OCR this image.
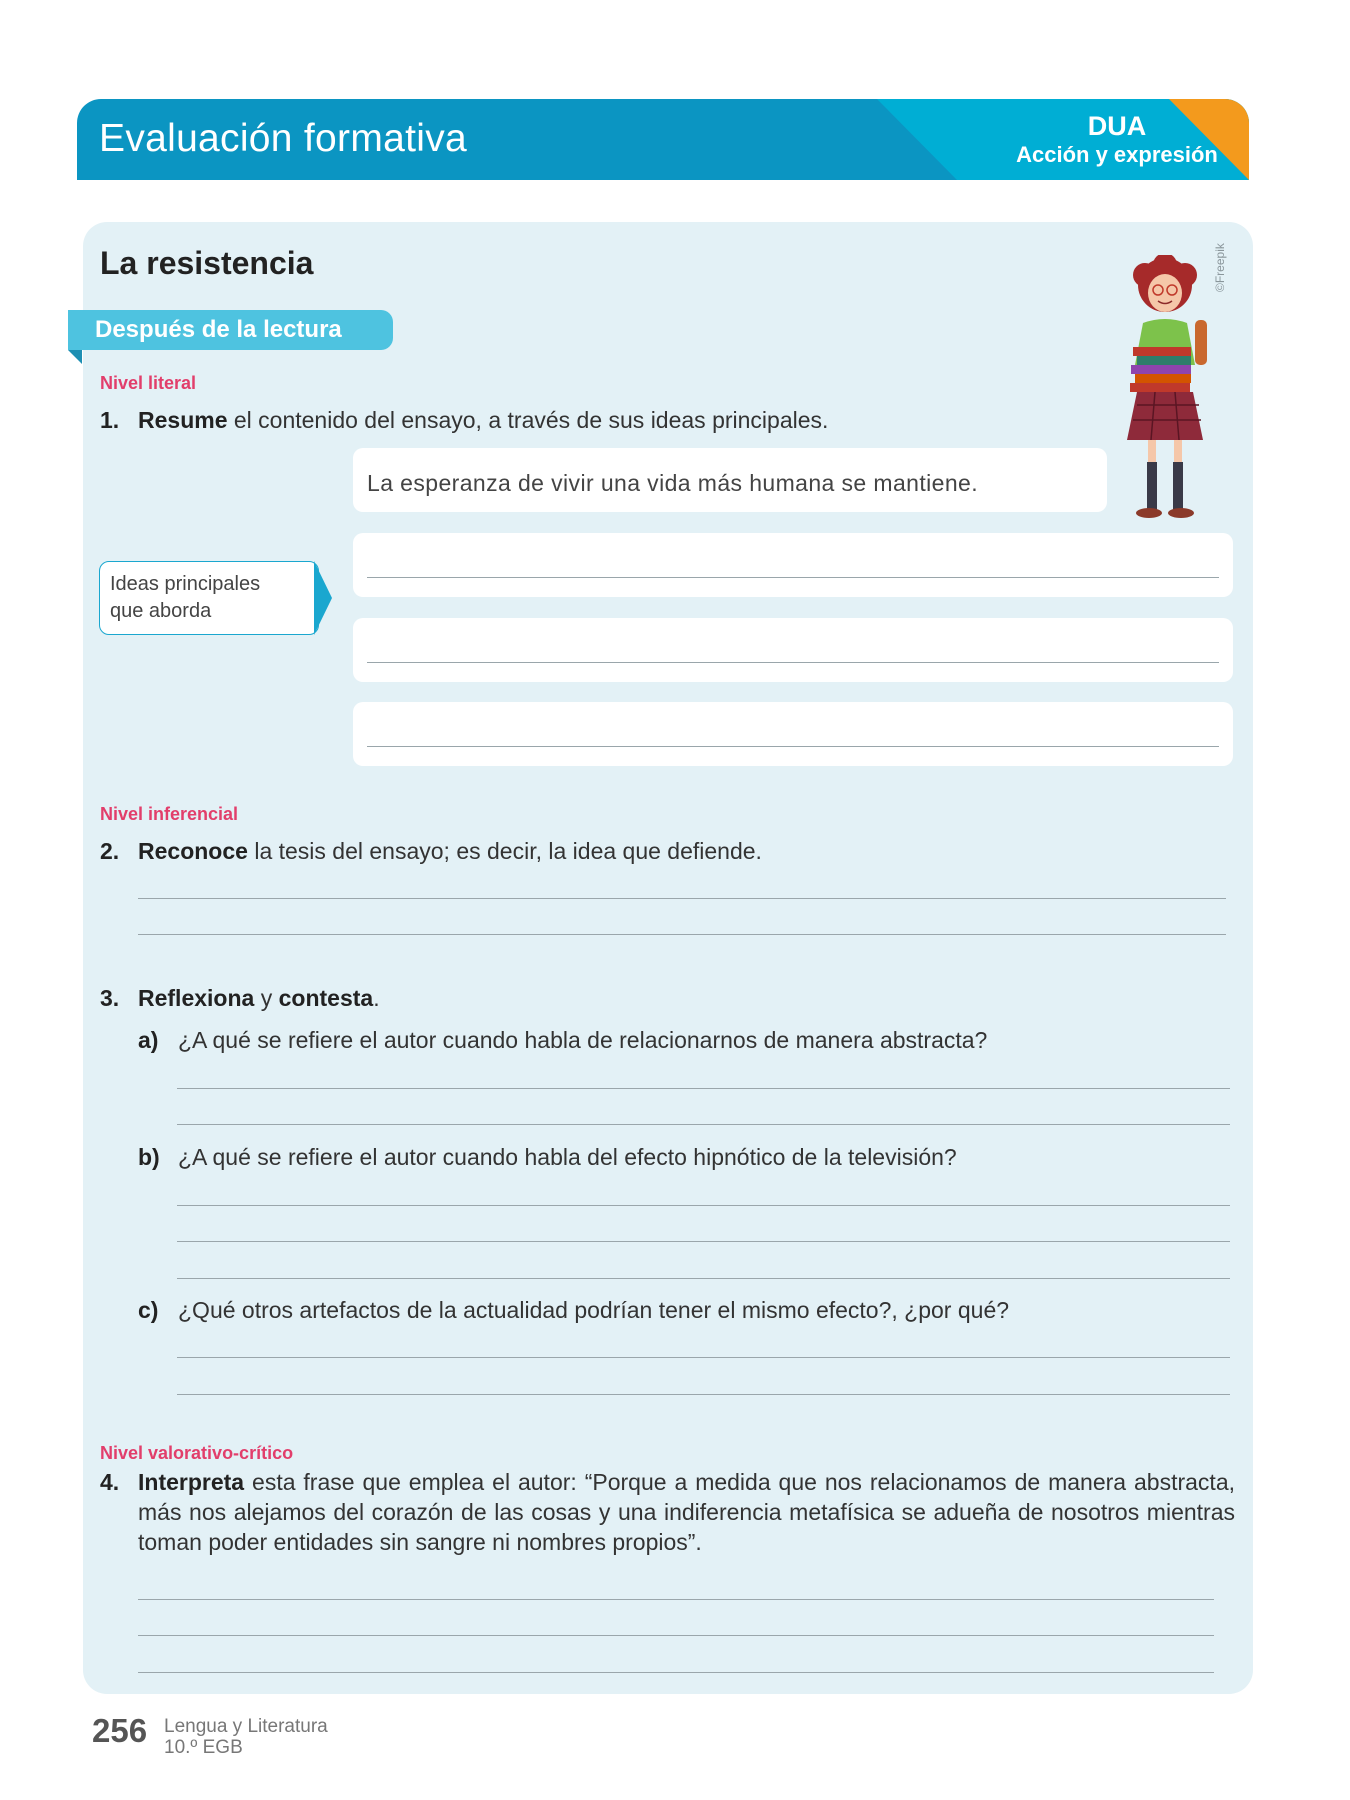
Evaluación formativa	DUA
Acción y expresión
La resistencia
Después de la lectura
©Freepik
Nivel literal
1. Resume el contenido del ensayo, a través de sus ideas principales.
La esperanza de vivir una vida más humana se mantiene.
Ideas principales
que aborda
Nivel inferencial
2. Reconoce la tesis del ensayo; es decir, la idea que defiende.
3. Reflexiona y contesta.
a) ¿A qué se refiere el autor cuando habla de relacionarnos de manera abstracta?
b) ¿A qué se refiere el autor cuando habla del efecto hipnótico de la televisión?
c) ¿Qué otros artefactos de la actualidad podrían tener el mismo efecto?, ¿por qué?
Nivel valorativo-crítico
4. Interpreta esta frase que emplea el autor: “Porque a medida que nos relacionamos de manera abstracta, más nos alejamos del corazón de las cosas y una indiferencia metafísica se adueña de nosotros mientras toman poder entidades sin sangre ni nombres propios”.
256 Lengua y Literatura
10.º EGB
